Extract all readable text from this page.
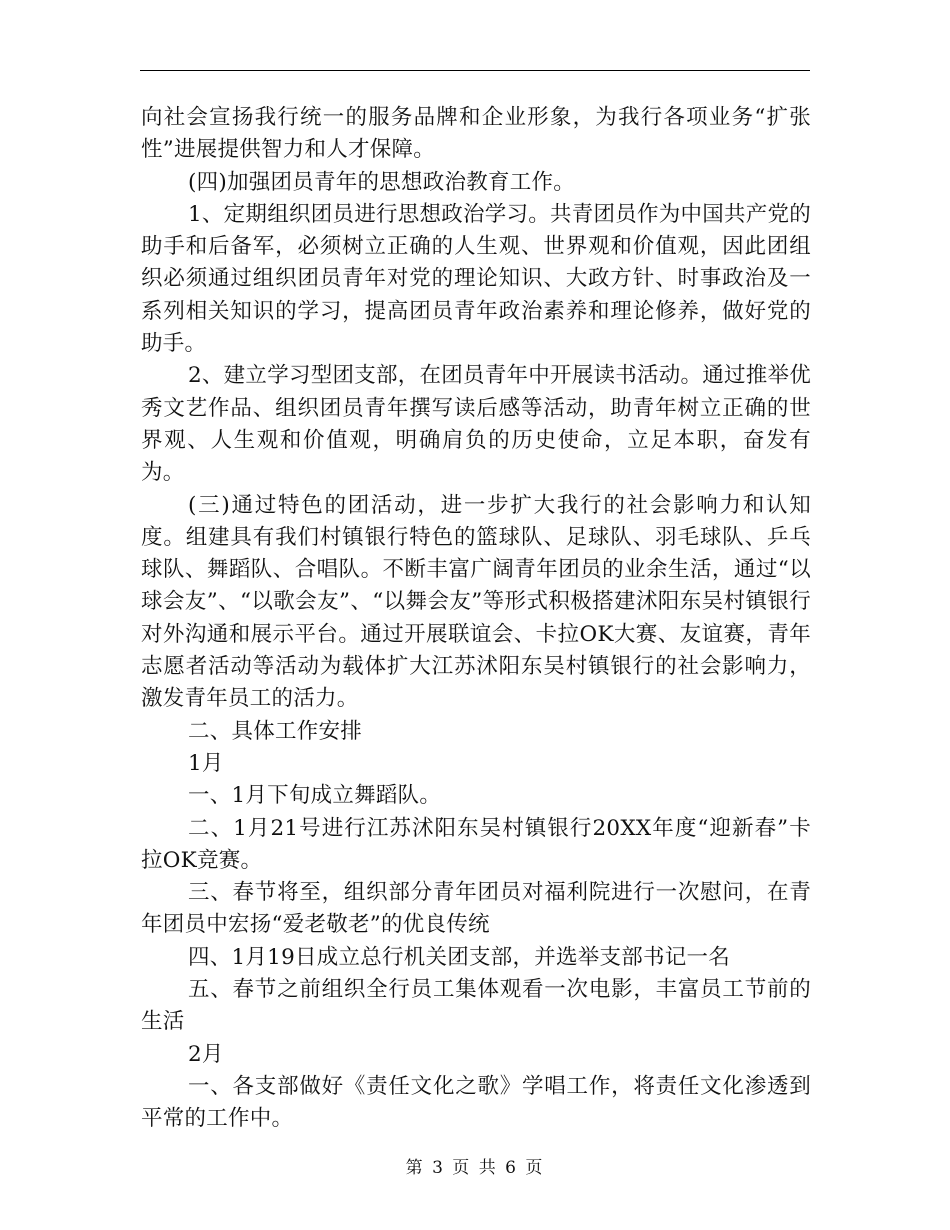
向社会宣扬我行统一的服务品牌和企业形象，为我行各项业务“扩张性”进展提供智力和人才保障。

(四)加强团员青年的思想政治教育工作。

1、定期组织团员进行思想政治学习。共青团员作为中国共产党的助手和后备军，必须树立正确的人生观、世界观和价值观，因此团组织必须通过组织团员青年对党的理论知识、大政方针、时事政治及一系列相关知识的学习，提高团员青年政治素养和理论修养，做好党的助手。

2、建立学习型团支部，在团员青年中开展读书活动。通过推举优秀文艺作品、组织团员青年撰写读后感等活动，助青年树立正确的世界观、人生观和价值观，明确肩负的历史使命，立足本职，奋发有为。

(三)通过特色的团活动，进一步扩大我行的社会影响力和认知度。组建具有我们村镇银行特色的篮球队、足球队、羽毛球队、乒乓球队、舞蹈队、合唱队。不断丰富广阔青年团员的业余生活，通过“以球会友”、“以歌会友”、“以舞会友”等形式积极搭建沭阳东吴村镇银行对外沟通和展示平台。通过开展联谊会、卡拉OK大赛、友谊赛，青年志愿者活动等活动为载体扩大江苏沭阳东吴村镇银行的社会影响力，激发青年员工的活力。

二、具体工作安排

1月

一、1月下旬成立舞蹈队。

二、1月21号进行江苏沭阳东吴村镇银行20XX年度“迎新春”卡拉OK竞赛。

三、春节将至，组织部分青年团员对福利院进行一次慰问，在青年团员中宏扬“爱老敬老”的优良传统

四、1月19日成立总行机关团支部，并选举支部书记一名

五、春节之前组织全行员工集体观看一次电影，丰富员工节前的生活

2月

一、各支部做好《责任文化之歌》学唱工作，将责任文化渗透到平常的工作中。

第 3 页 共 6 页
